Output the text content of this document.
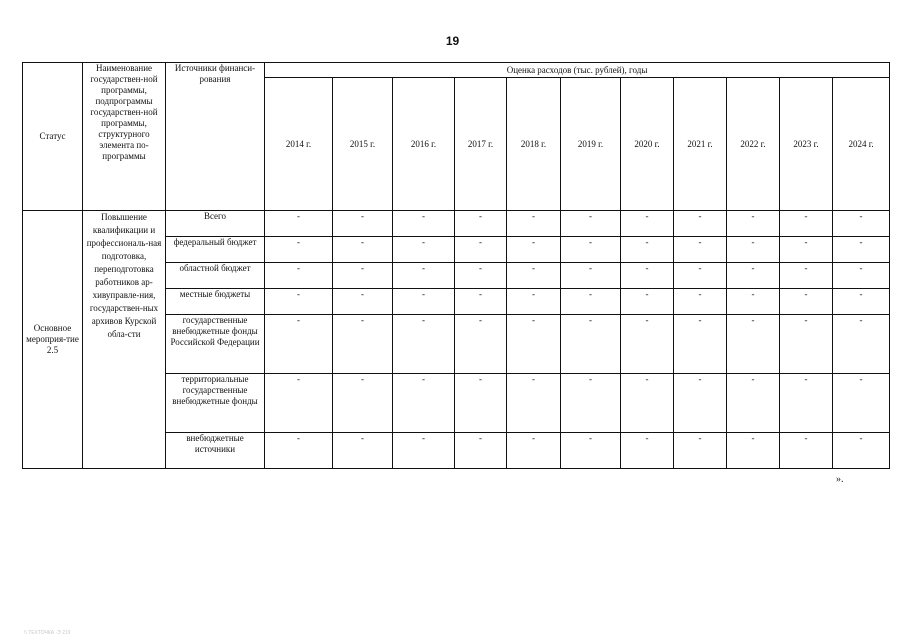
19
Статус	Наименование государствен-ной программы, подпрограммы государствен-ной программы, структурного элемента по-программы	Источники финанси-рования	Оценка расходов (тыс. рублей), годы										
			2014 г.	2015 г.	2016 г.	2017 г.	2018 г.	2019 г.	2020 г.	2021 г.	2022 г.	2023 г.	2024 г.
Основное мероприя-тие 2.5	Повышение квалификации и профессиональ-ная подготовка, переподготовка работников ар-хивуправле-ния, государствен-ных архивов Курской обла-сти	Всего	-	-	-	-	-	-	-	-	-	-	-
		федеральный бюджет	-	-	-	-	-	-	-	-	-	-	-
		областной бюджет	-	-	-	-	-	-	-	-	-	-	-
		местные бюджеты	-	-	-	-	-	-	-	-	-	-	-
		государственные внебюджетные фонды Российской Федерации	-	-	-	-	-	-	-	-	-	-	-
		территориальные государственные внебюджетные фонды	-	-	-	-	-	-	-	-	-	-	-
		внебюджетные источники	-	-	-	-	-	-	-	-	-	-	-
».
\\ ТЕХТОЧКА ·Э 219
